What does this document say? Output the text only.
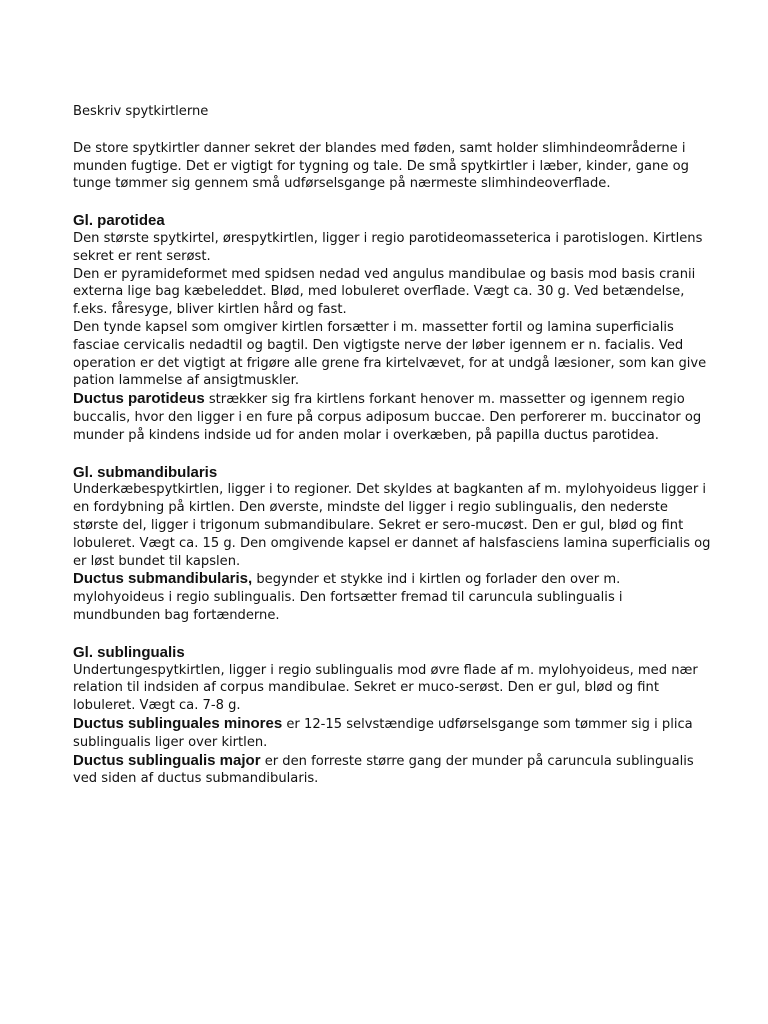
Beskriv spytkirtlerne

De store spytkirtler danner sekret der blandes med føden, samt holder slimhindeområderne i munden fugtige. Det er vigtigt for tygning og tale. De små spytkirtler i læber, kinder, gane og tunge tømmer sig gennem små udførselsgange på nærmeste slimhindeoverflade.

Gl. parotidea

Den største spytkirtel, ørespytkirtlen, ligger i regio parotideomasseterica i parotislogen. Kirtlens sekret er rent serøst.

Den er pyramideformet med spidsen nedad ved angulus mandibulae og basis mod basis cranii externa lige bag kæbeleddet. Blød, med lobuleret overflade. Vægt ca. 30 g. Ved betændelse, f.eks. fåresyge, bliver kirtlen hård og fast.

Den tynde kapsel som omgiver kirtlen forsætter i m. massetter fortil og lamina superficialis fasciae cervicalis nedadtil og bagtil. Den vigtigste nerve der løber igennem er n. facialis. Ved operation er det vigtigt at frigøre alle grene fra kirtelvævet, for at undgå læsioner, som kan give pation lammelse af ansigtmuskler.

Ductus parotideus strækker sig fra kirtlens forkant henover m. massetter og igennem regio buccalis, hvor den ligger i en fure på corpus adiposum buccae. Den perforerer m. buccinator og munder på kindens indside ud for anden molar i overkæben, på papilla ductus parotidea.

Gl. submandibularis

Underkæbespytkirtlen, ligger i to regioner. Det skyldes at bagkanten af m. mylohyoideus ligger i en fordybning på kirtlen. Den øverste, mindste del ligger i regio sublingualis, den nederste største del, ligger i trigonum submandibulare. Sekret er sero-mucøst. Den er gul, blød og fint lobuleret. Vægt ca. 15 g. Den omgivende kapsel er dannet af halsfasciens lamina superficialis og er løst bundet til kapslen.

Ductus submandibularis, begynder et stykke ind i kirtlen og forlader den over m. mylohyoideus i regio sublingualis. Den fortsætter fremad til caruncula sublingualis i mundbunden bag fortænderne.

Gl. sublingualis

Undertungespytkirtlen, ligger i regio sublingualis mod øvre flade af m. mylohyoideus, med nær relation til indsiden af corpus mandibulae. Sekret er muco-serøst. Den er gul, blød og fint lobuleret. Vægt ca. 7-8 g.

Ductus sublinguales minores er 12-15 selvstændige udførselsgange som tømmer sig i plica sublingualis liger over kirtlen.

Ductus sublingualis major er den forreste større gang der munder på caruncula sublingualis ved siden af ductus submandibularis.
